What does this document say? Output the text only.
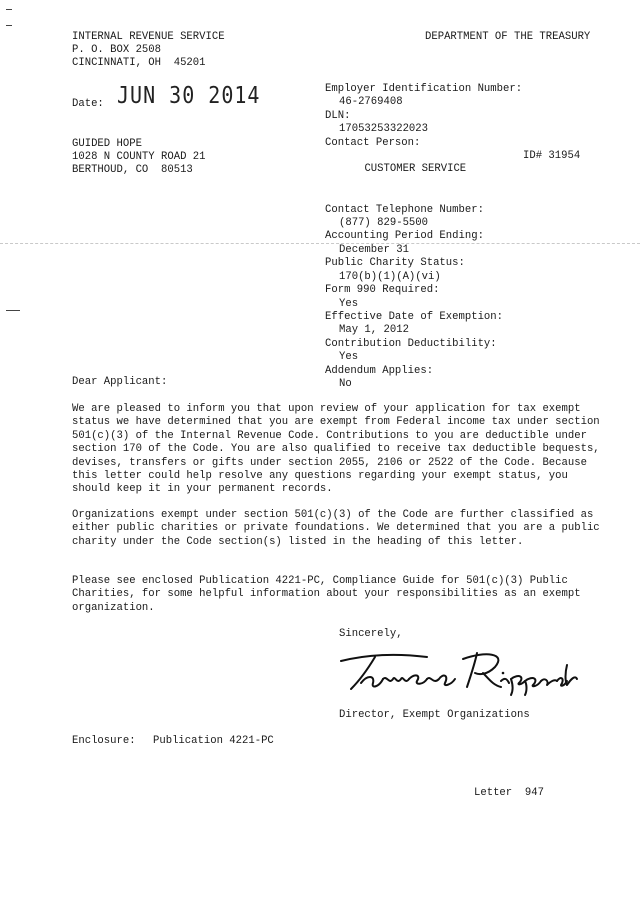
INTERNAL REVENUE SERVICE	DEPARTMENT OF THE TREASURY
P. O. BOX 2508
CINCINNATI, OH  45201
Date: JUN 30 2014
GUIDED HOPE
1028 N COUNTY ROAD 21
BERTHOUD, CO  80513
Employer Identification Number:
46-2769408
DLN:
17053253322023
Contact Person:

CUSTOMER SERVICE

ID# 31954

Contact Telephone Number:
(877) 829-5500
Accounting Period Ending:
December 31
Public Charity Status:
170(b)(1)(A)(vi)
Form 990 Required:
Yes
Effective Date of Exemption:
May 1, 2012
Contribution Deductibility:
Yes
Addendum Applies:
No
Dear Applicant:

We are pleased to inform you that upon review of your application for tax exempt status we have determined that you are exempt from Federal income tax under section 501(c)(3) of the Internal Revenue Code. Contributions to you are deductible under section 170 of the Code. You are also qualified to receive tax deductible bequests, devises, transfers or gifts under section 2055, 2106 or 2522 of the Code. Because this letter could help resolve any questions regarding your exempt status, you should keep it in your permanent records.

Organizations exempt under section 501(c)(3) of the Code are further classified as either public charities or private foundations. We determined that you are a public charity under the Code section(s) listed in the heading of this letter.

Please see enclosed Publication 4221-PC, Compliance Guide for 501(c)(3) Public Charities, for some helpful information about your responsibilities as an exempt organization.

Sincerely,
Director, Exempt Organizations
Enclosure: Publication 4221-PC
Letter  947
